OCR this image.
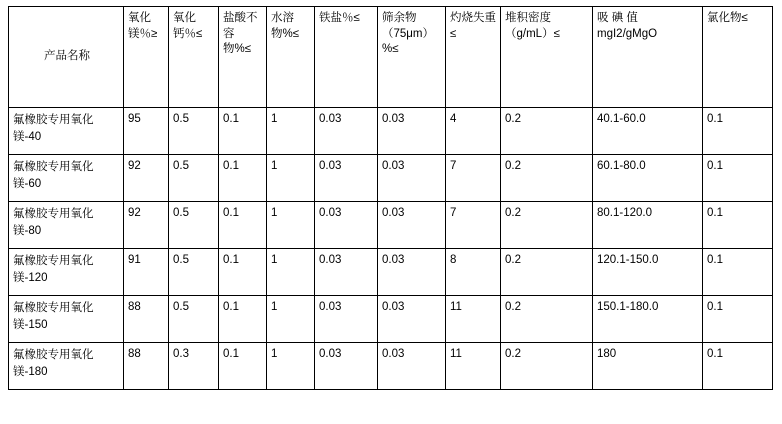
产品名称	氧化镁％≥	氧化钙％≤	盐酸不容物%≤	水溶物%≤	铁盐％≤	筛余物（75μm）%≤	灼烧失重≤	堆积密度（g/mL）≤	吸 碘 值 mgI2/gMgO	氯化物≤
氟橡胶专用氧化镁-40	95	0.5	0.1	1	0.03	0.03	4	0.2	40.1-60.0	0.1
氟橡胶专用氧化镁-60	92	0.5	0.1	1	0.03	0.03	7	0.2	60.1-80.0	0.1
氟橡胶专用氧化镁-80	92	0.5	0.1	1	0.03	0.03	7	0.2	80.1-120.0	0.1
氟橡胶专用氧化镁-120	91	0.5	0.1	1	0.03	0.03	8	0.2	120.1-150.0	0.1
氟橡胶专用氧化镁-150	88	0.5	0.1	1	0.03	0.03	11	0.2	150.1-180.0	0.1
氟橡胶专用氧化镁-180	88	0.3	0.1	1	0.03	0.03	11	0.2	180	0.1
